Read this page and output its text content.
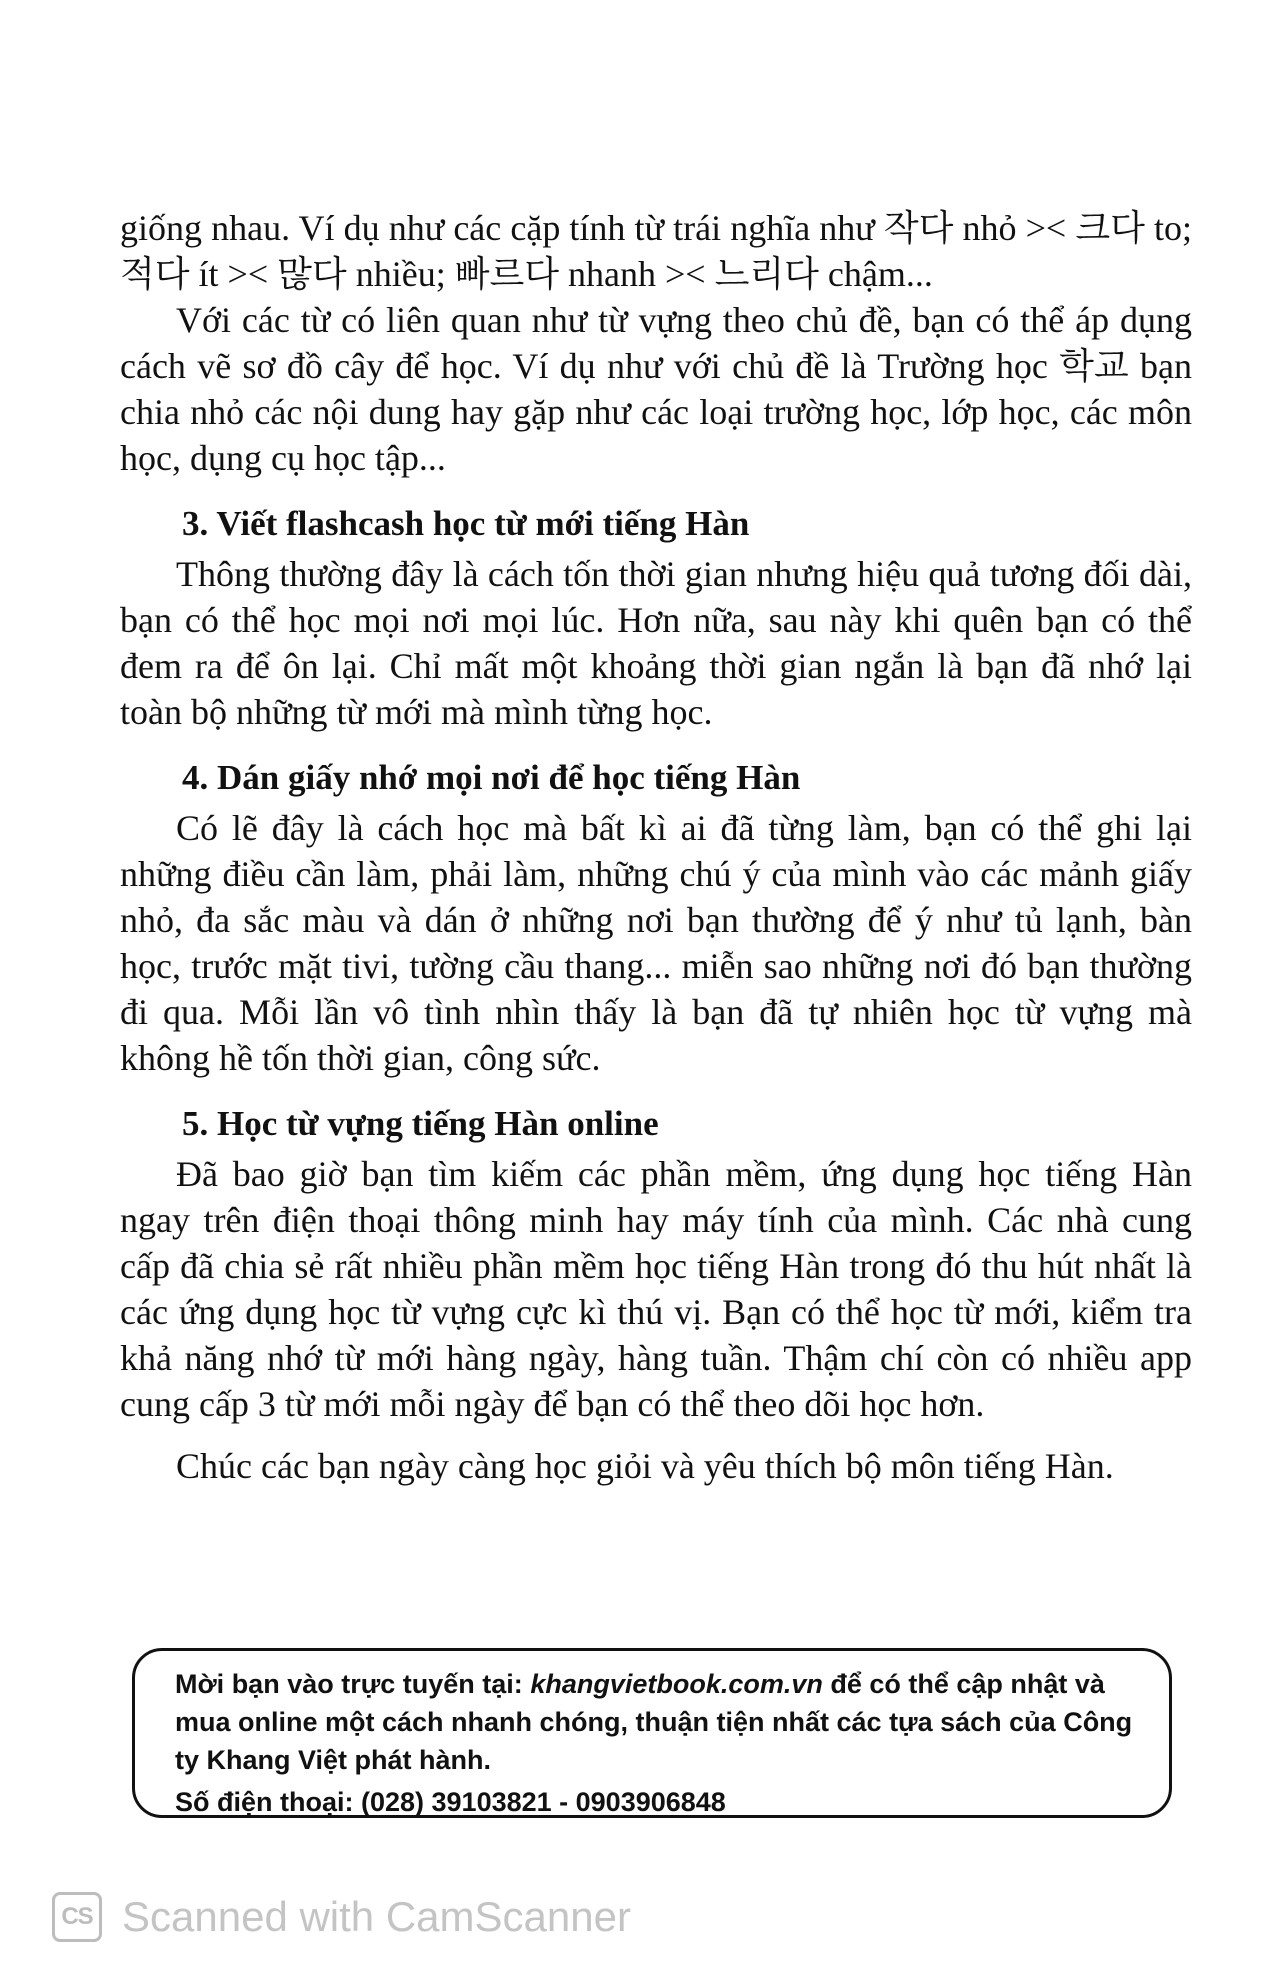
giống nhau. Ví dụ như các cặp tính từ trái nghĩa như 작다 nhỏ >< 크다 to; 적다 ít >< 많다 nhiều; 빠르다 nhanh >< 느리다 chậm...

Với các từ có liên quan như từ vựng theo chủ đề, bạn có thể áp dụng cách vẽ sơ đồ cây để học. Ví dụ như với chủ đề là Trường học 학교 bạn chia nhỏ các nội dung hay gặp như các loại trường học, lớp học, các môn học, dụng cụ học tập...

3. Viết flashcash học từ mới tiếng Hàn

Thông thường đây là cách tốn thời gian nhưng hiệu quả tương đối dài, bạn có thể học mọi nơi mọi lúc. Hơn nữa, sau này khi quên bạn có thể đem ra để ôn lại. Chỉ mất một khoảng thời gian ngắn là bạn đã nhớ lại toàn bộ những từ mới mà mình từng học.

4. Dán giấy nhớ mọi nơi để học tiếng Hàn

Có lẽ đây là cách học mà bất kì ai đã từng làm, bạn có thể ghi lại những điều cần làm, phải làm, những chú ý của mình vào các mảnh giấy nhỏ, đa sắc màu và dán ở những nơi bạn thường để ý như tủ lạnh, bàn học, trước mặt tivi, tường cầu thang... miễn sao những nơi đó bạn thường đi qua. Mỗi lần vô tình nhìn thấy là bạn đã tự nhiên học từ vựng mà không hề tốn thời gian, công sức.

5. Học từ vựng tiếng Hàn online

Đã bao giờ bạn tìm kiếm các phần mềm, ứng dụng học tiếng Hàn ngay trên điện thoại thông minh hay máy tính của mình. Các nhà cung cấp đã chia sẻ rất nhiều phần mềm học tiếng Hàn trong đó thu hút nhất là các ứng dụng học từ vựng cực kì thú vị. Bạn có thể học từ mới, kiểm tra khả năng nhớ từ mới hàng ngày, hàng tuần. Thậm chí còn có nhiều app cung cấp 3 từ mới mỗi ngày để bạn có thể theo dõi học hơn.

Chúc các bạn ngày càng học giỏi và yêu thích bộ môn tiếng Hàn.

Mời bạn vào trực tuyến tại: khangvietbook.com.vn để có thể cập nhật và mua online một cách nhanh chóng, thuận tiện nhất các tựa sách của Công ty Khang Việt phát hành.
Số điện thoại: (028) 39103821 - 0903906848
CS Scanned with CamScanner
